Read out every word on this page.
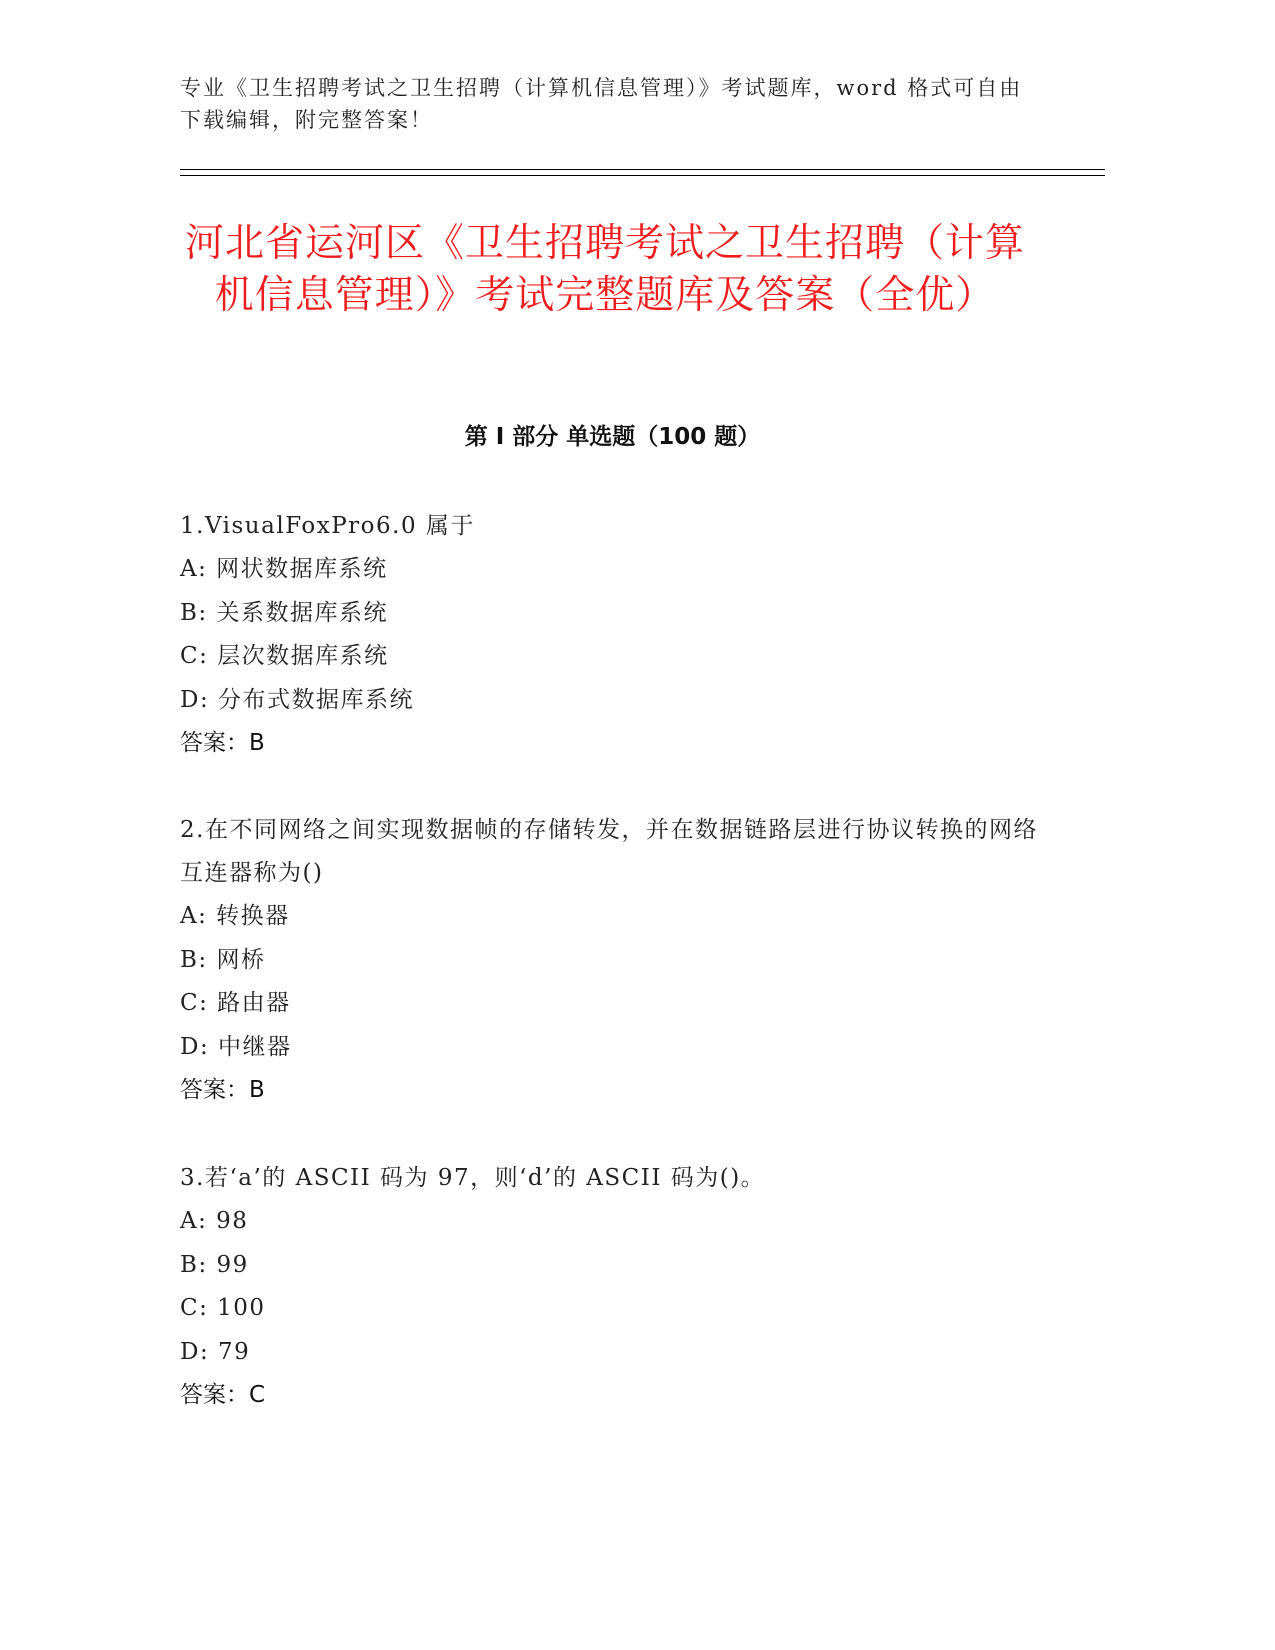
专业《卫生招聘考试之卫生招聘（计算机信息管理）》考试题库，word 格式可自由下载编辑，附完整答案！
河北省运河区《卫生招聘考试之卫生招聘（计算机信息管理）》考试完整题库及答案（全优）
第 I 部分 单选题（100 题）
1.VisualFoxPro6.0 属于
A: 网状数据库系统
B: 关系数据库系统
C: 层次数据库系统
D: 分布式数据库系统
答案：B
2.在不同网络之间实现数据帧的存储转发，并在数据链路层进行协议转换的网络互连器称为()
A: 转换器
B: 网桥
C: 路由器
D: 中继器
答案：B
3.若‘a’的 ASCII 码为 97，则‘d’的 ASCII 码为()。
A: 98
B: 99
C: 100
D: 79
答案：C
